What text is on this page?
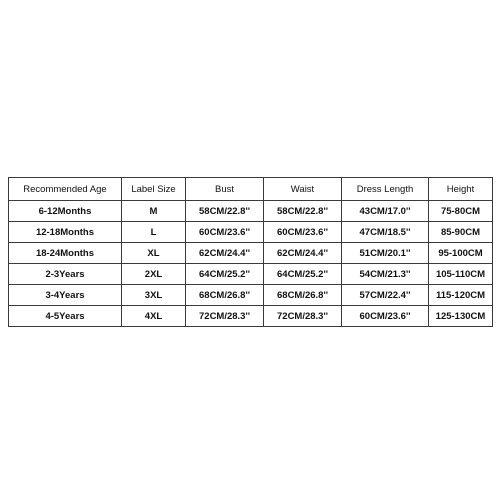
Recommended Age	Label Size	Bust	Waist	Dress Length	Height
6-12Months	M	58CM/22.8''	58CM/22.8''	43CM/17.0''	75-80CM
12-18Months	L	60CM/23.6''	60CM/23.6''	47CM/18.5''	85-90CM
18-24Months	XL	62CM/24.4''	62CM/24.4''	51CM/20.1''	95-100CM
2-3Years	2XL	64CM/25.2''	64CM/25.2''	54CM/21.3''	105-110CM
3-4Years	3XL	68CM/26.8''	68CM/26.8''	57CM/22.4''	115-120CM
4-5Years	4XL	72CM/28.3''	72CM/28.3''	60CM/23.6''	125-130CM
